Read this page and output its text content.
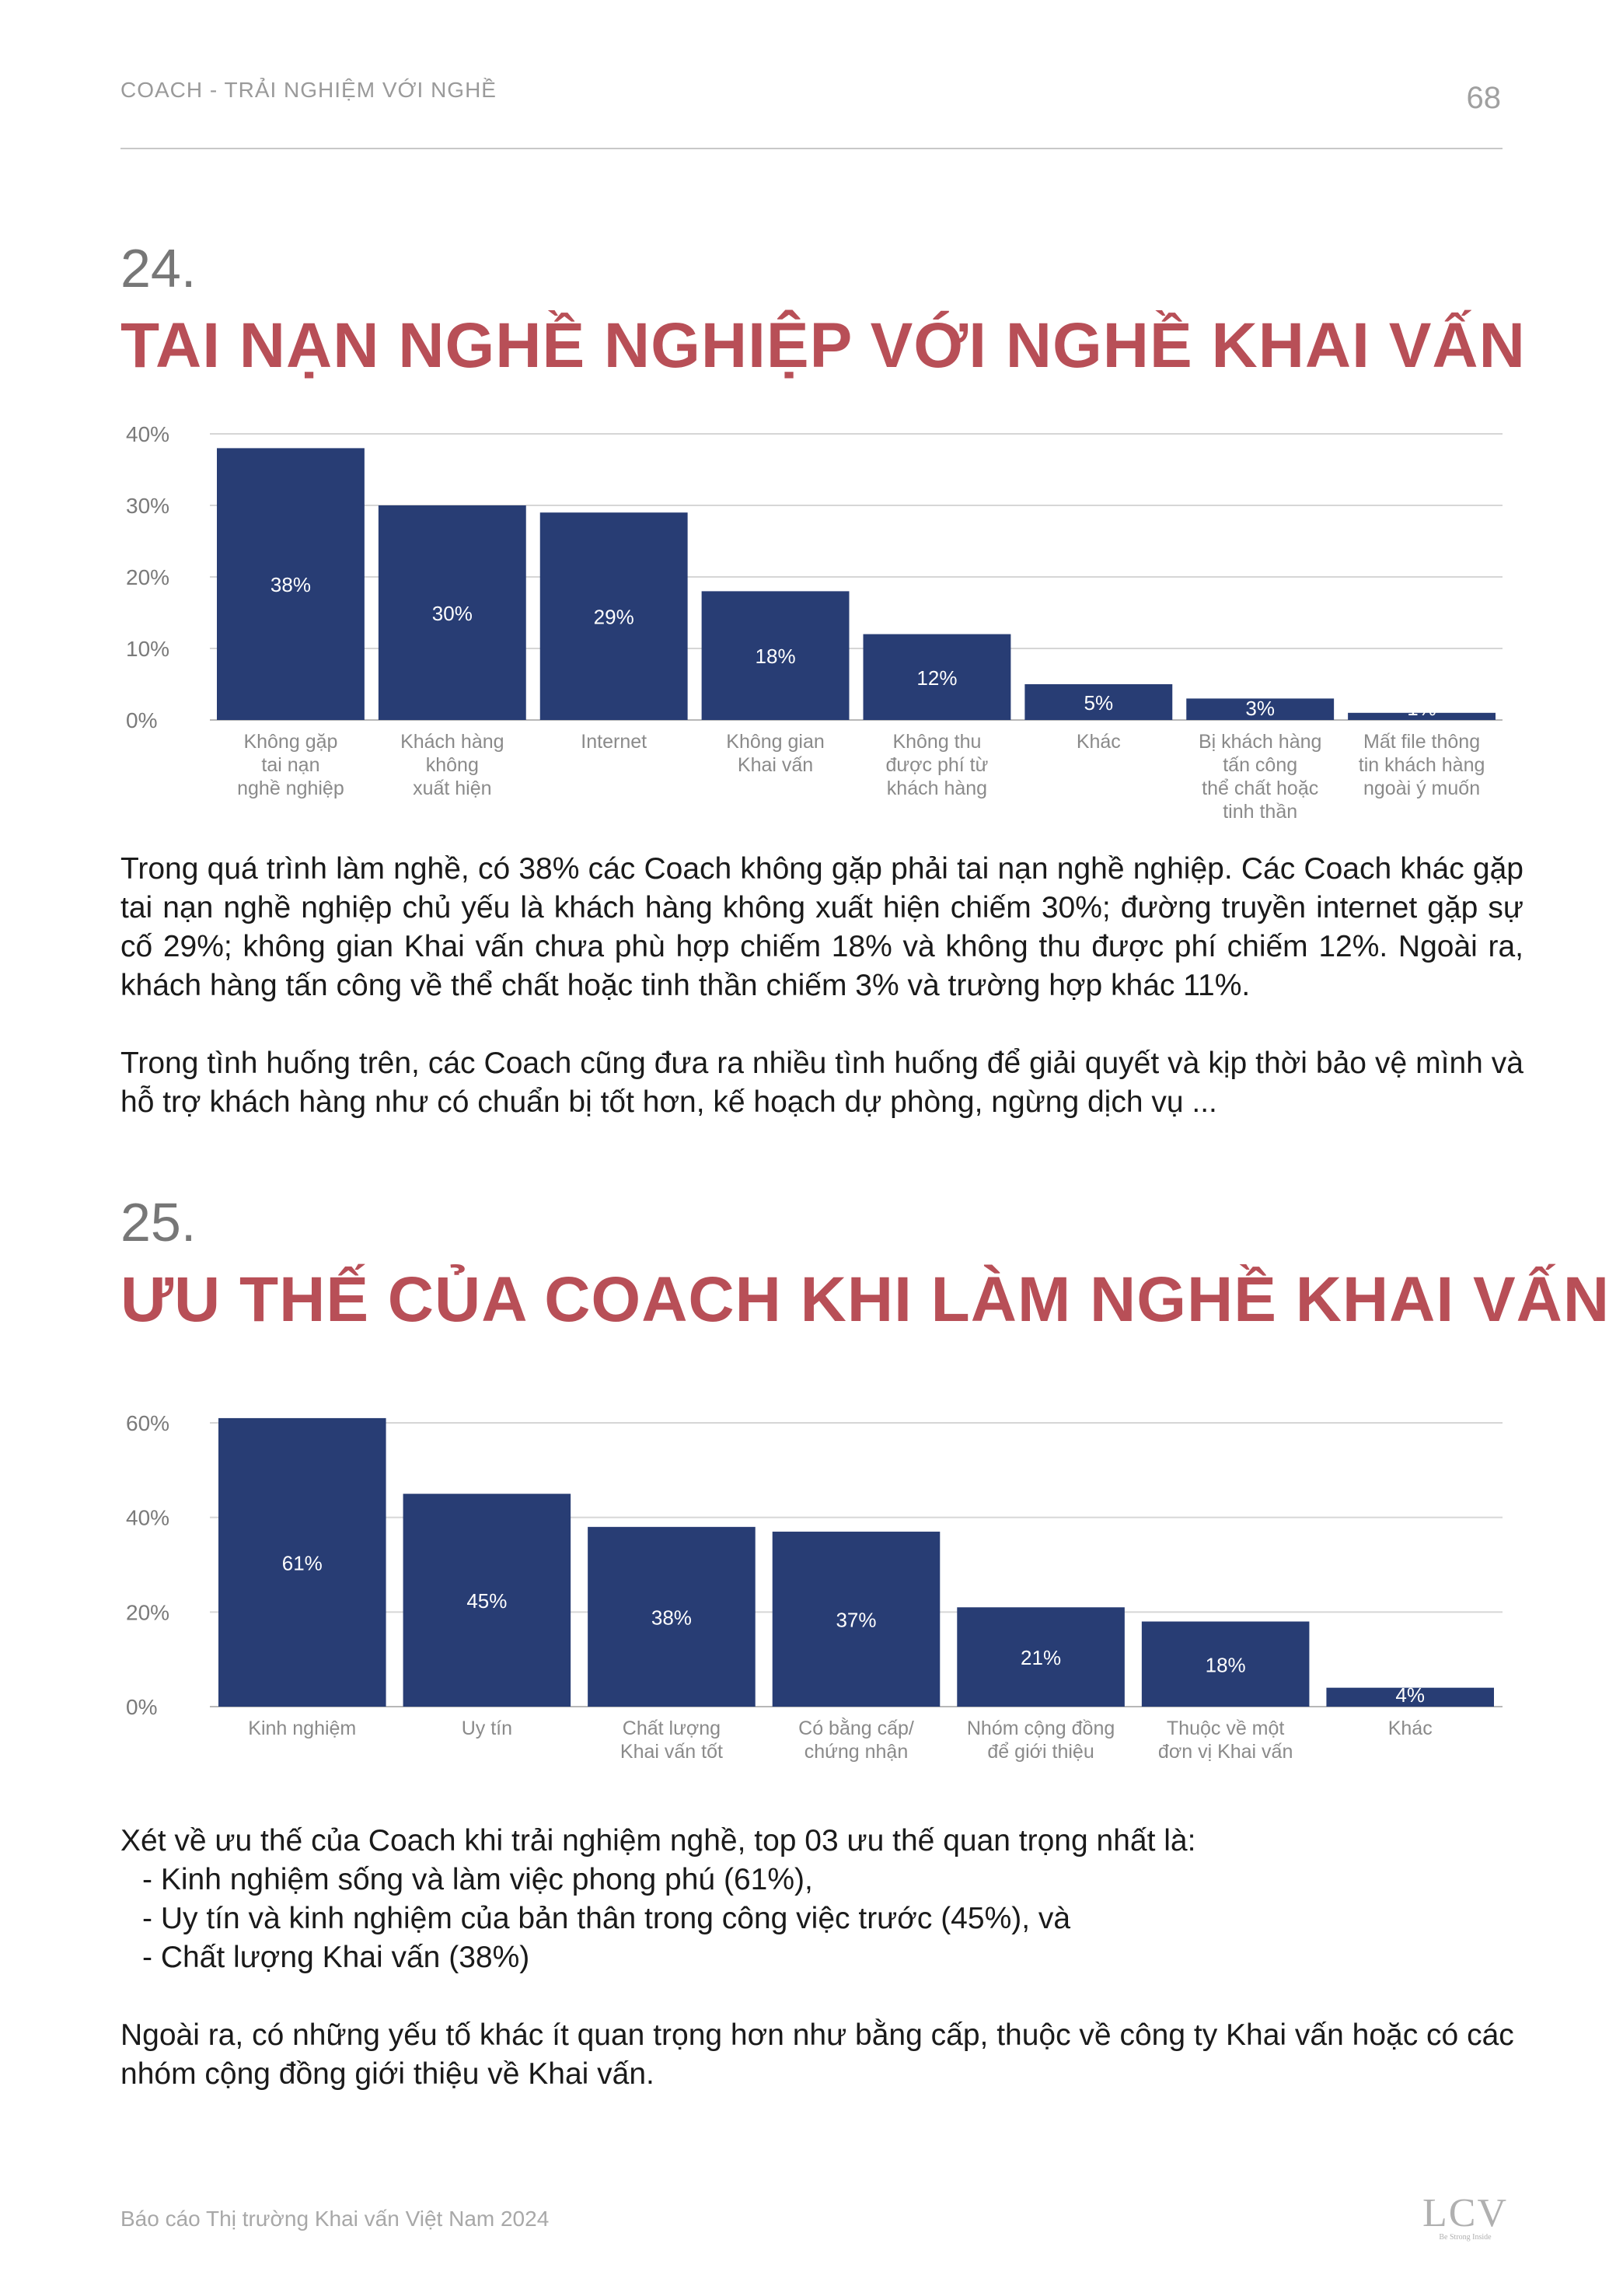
COACH - TRẢI NGHIỆM VỚI NGHỀ	68
24.
TAI NẠN NGHỀ NGHIỆP VỚI NGHỀ KHAI VẤN
0%
10%
20%
30%
40%
38%
Không gặp
tai nạn
nghề nghiệp
30%
Khách hàng
không
xuất hiện
29%
Internet
18%
Không gian
Khai vấn
12%
Không thu
được phí từ
khách hàng
5%
Khác
3%
Bị khách hàng
tấn công
thể chất hoặc
tinh thần
1%
Mất file thông
tin khách hàng
ngoài ý muốn

Trong quá trình làm nghề, có 38% các Coach không gặp phải tai nạn nghề nghiệp. Các Coach khác gặp tai nạn nghề nghiệp chủ yếu là khách hàng không xuất hiện chiếm 30%; đường truyền internet gặp sự cố 29%; không gian Khai vấn chưa phù hợp chiếm 18% và không thu được phí chiếm 12%. Ngoài ra, khách hàng tấn công về thể chất hoặc tinh thần chiếm 3% và trường hợp khác 11%.

Trong tình huống trên, các Coach cũng đưa ra nhiều tình huống để giải quyết và kịp thời bảo vệ mình và hỗ trợ khách hàng như có chuẩn bị tốt hơn, kế hoạch dự phòng, ngừng dịch vụ ...

25.
ƯU THẾ CỦA COACH KHI LÀM NGHỀ KHAI VẤN
0%
20%
40%
60%
61%
Kinh nghiệm
45%
Uy tín
38%
Chất lượng
Khai vấn tốt
37%
Có bằng cấp/
chứng nhận
21%
Nhóm cộng đồng
để giới thiệu
18%
Thuộc về một
đơn vị Khai vấn
4%
Khác

Xét về ưu thế của Coach khi trải nghiệm nghề, top 03 ưu thế quan trọng nhất là:

- Kinh nghiệm sống và làm việc phong phú (61%),

- Uy tín và kinh nghiệm của bản thân trong công việc trước (45%), và

- Chất lượng Khai vấn (38%)

Ngoài ra, có những yếu tố khác ít quan trọng hơn như bằng cấp, thuộc về công ty Khai vấn hoặc có các nhóm cộng đồng giới thiệu về Khai vấn.

Báo cáo Thị trường Khai vấn Việt Nam 2024	LCV
Be Strong Inside
